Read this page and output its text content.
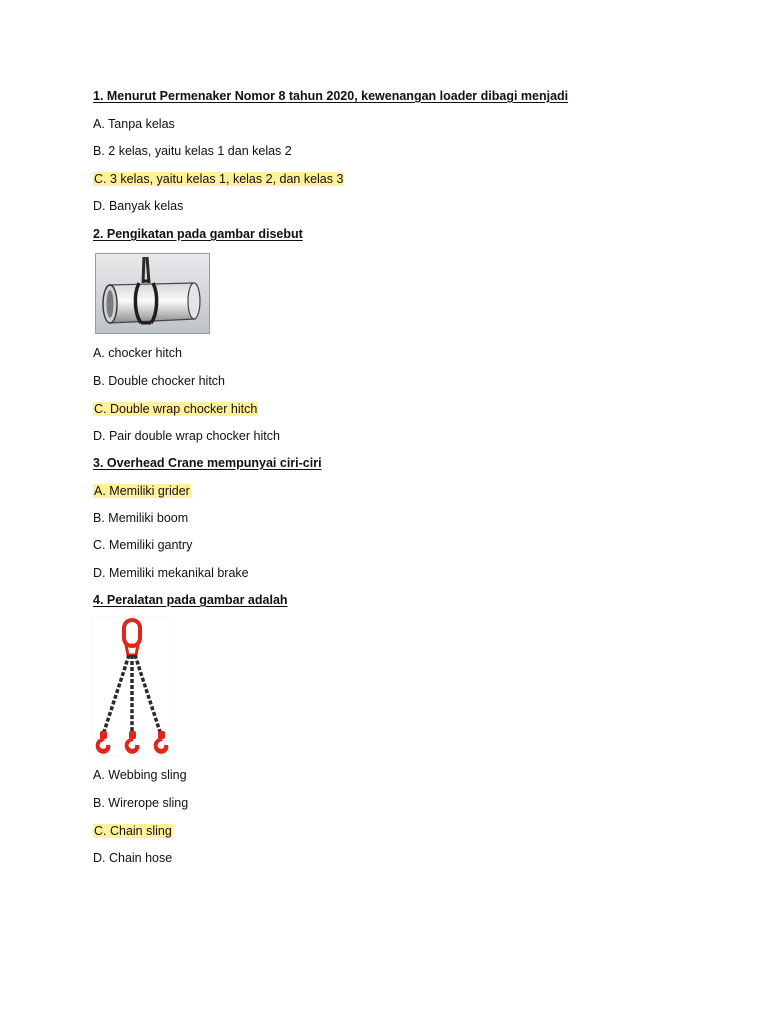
1. Menurut Permenaker Nomor 8 tahun 2020, kewenangan loader dibagi menjadi
A. Tanpa kelas
B. 2 kelas, yaitu kelas 1 dan kelas 2
C. 3 kelas, yaitu kelas 1, kelas 2, dan kelas 3
D. Banyak kelas
2. Pengikatan pada gambar disebut
A. chocker hitch
B. Double chocker hitch
C. Double wrap chocker hitch
D. Pair double wrap chocker hitch
3. Overhead Crane mempunyai ciri-ciri
A. Memiliki grider
B. Memiliki boom
C. Memiliki gantry
D. Memiliki mekanikal brake
4. Peralatan pada gambar adalah
A. Webbing sling
B. Wirerope sling
C. Chain sling
D. Chain hose
